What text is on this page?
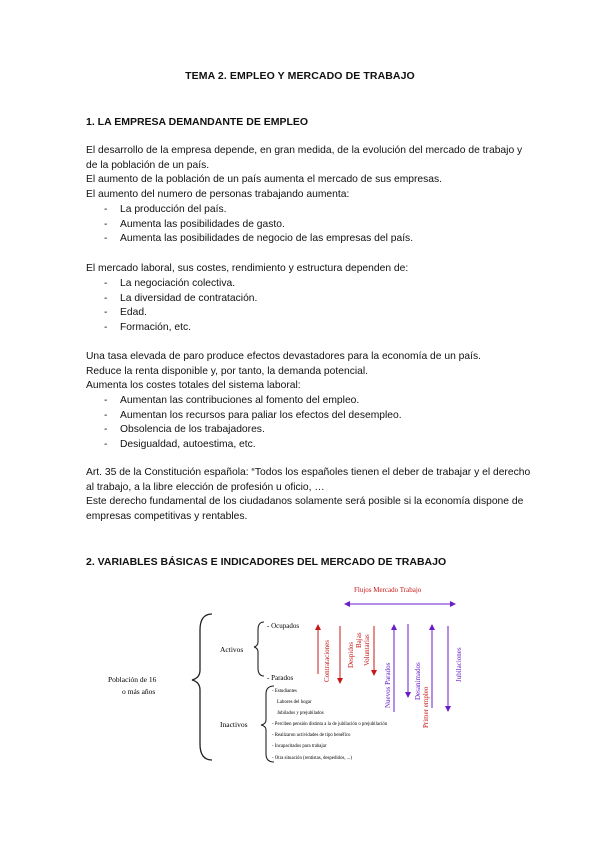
TEMA 2. EMPLEO Y MERCADO DE TRABAJO
1. LA EMPRESA DEMANDANTE DE EMPLEO
El desarrollo de la empresa depende, en gran medida, de la evolución del mercado de trabajo y
de la población de un país.
El aumento de la población de un país aumenta el mercado de sus empresas.
El aumento del numero de personas trabajando aumenta:
- La producción del país.
- Aumenta las posibilidades de gasto.
- Aumenta las posibilidades de negocio de las empresas del país.
El mercado laboral, sus costes, rendimiento y estructura dependen de:
- La negociación colectiva.
- La diversidad de contratación.
- Edad.
- Formación, etc.
Una tasa elevada de paro produce efectos devastadores para la economía de un país.
Reduce la renta disponible y, por tanto, la demanda potencial.
Aumenta los costes totales del sistema laboral:
- Aumentan las contribuciones al fomento del empleo.
- Aumentan los recursos para paliar los efectos del desempleo.
- Obsolencia de los trabajadores.
- Desigualdad, autoestima, etc.
Art. 35 de la Constitución española: “Todos los españoles tienen el deber de trabajar y el derecho
al trabajo, a la libre elección de profesión u oficio, …
Este derecho fundamental de los ciudadanos solamente será posible si la economía dispone de
empresas competitivas y rentables.
2. VARIABLES BÁSICAS E INDICADORES DEL MERCADO DE TRABAJO
Población de 16
o más años
Activos
- Ocupados
- Parados
Inactivos
- Estudiantes
Labores del hogar
Jubilados y prejubilados
- Perciben pensión distinta a la de jubilación o prejubilación
- Realizaron actividades de tipo benéfico
- Incapacitados para trabajar
- Otra situación (rentistas, despedidos, ...)
Flujos Mercado Trabajo
Contrataciones Despidos
Bajas Voluntarias
Nuevos Parados	Desanimados
Primer empleo
Jubilaciones
